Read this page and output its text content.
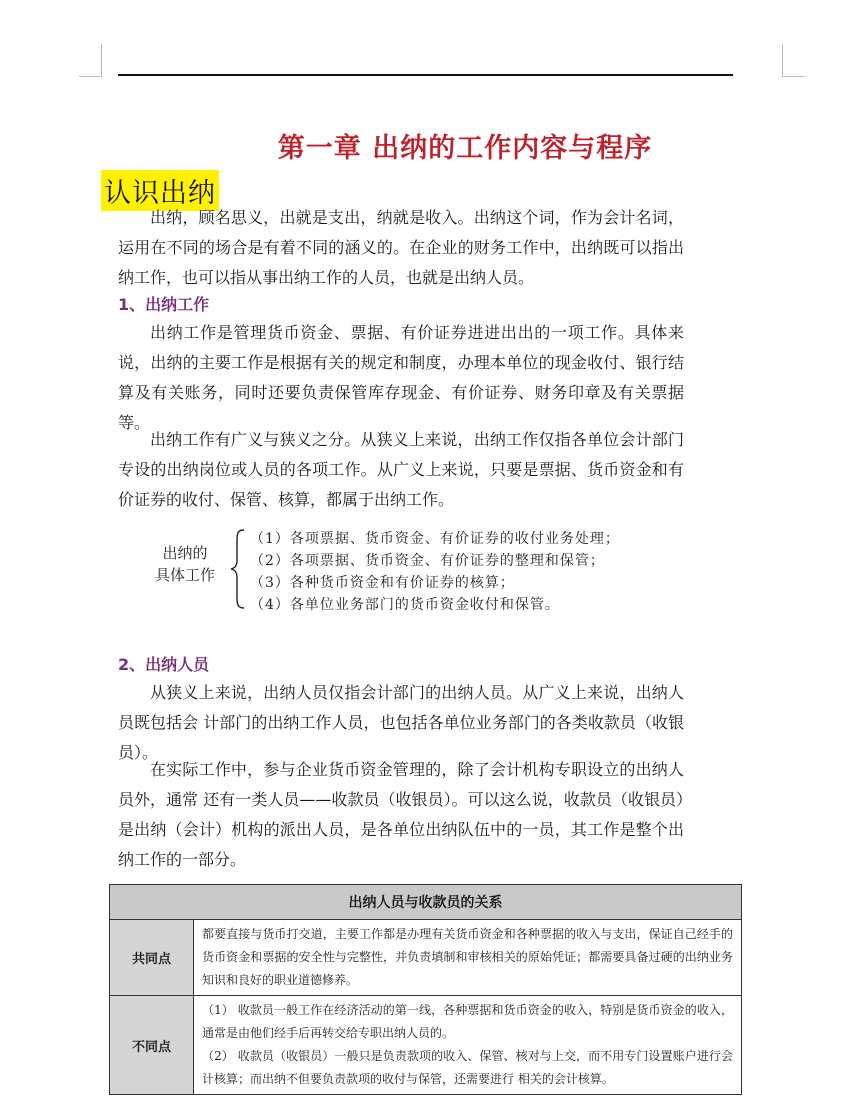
第一章 出纳的工作内容与程序
认识出纳
出纳，顾名思义，出就是支出，纳就是收入。出纳这个词，作为会计名词，运用在不同的场合是有着不同的涵义的。在企业的财务工作中，出纳既可以指出纳工作，也可以指从事出纳工作的人员，也就是出纳人员。
1、出纳工作
出纳工作是管理货币资金、票据、有价证券进进出出的一项工作。具体来说，出纳的主要工作是根据有关的规定和制度，办理本单位的现金收付、银行结算及有关账务，同时还要负责保管库存现金、有价证券、财务印章及有关票据等。
出纳工作有广义与狭义之分。从狭义上来说，出纳工作仅指各单位会计部门专设的出纳岗位或人员的各项工作。从广义上来说，只要是票据、货币资金和有价证券的收付、保管、核算，都属于出纳工作。
出纳的
具体工作
（1）各项票据、货币资金、有价证券的收付业务处理；
（2）各项票据、货币资金、有价证券的整理和保管；
（3）各种货币资金和有价证券的核算；
（4）各单位业务部门的货币资金收付和保管。
2、出纳人员
从狭义上来说，出纳人员仅指会计部门的出纳人员。从广义上来说，出纳人员既包括会 计部门的出纳工作人员，也包括各单位业务部门的各类收款员（收银员）。
在实际工作中，参与企业货币资金管理的，除了会计机构专职设立的出纳人员外，通常 还有一类人员——收款员（收银员）。可以这么说，收款员（收银员）是出纳（会计）机构的派出人员，是各单位出纳队伍中的一员，其工作是整个出纳工作的一部分。
出纳人员与收款员的关系	
共同点	都要直接与货币打交道，主要工作都是办理有关货币资金和各种票据的收入与支出，保证自己经手的货币资金和票据的安全性与完整性，并负责填制和审核相关的原始凭证；都需要具备过硬的出纳业务知识和良好的职业道德修养。

不同点	（1） 收款员一般工作在经济活动的第一线，各种票据和货币资金的收入，特别是货币资金的收入，通常是由他们经手后再转交给专职出纳人员的。

（2） 收款员（收银员）一般只是负责款项的收入、保管、核对与上交，而不用专门设置账户进行会计核算；而出纳不但要负责款项的收付与保管，还需要进行 相关的会计核算。
